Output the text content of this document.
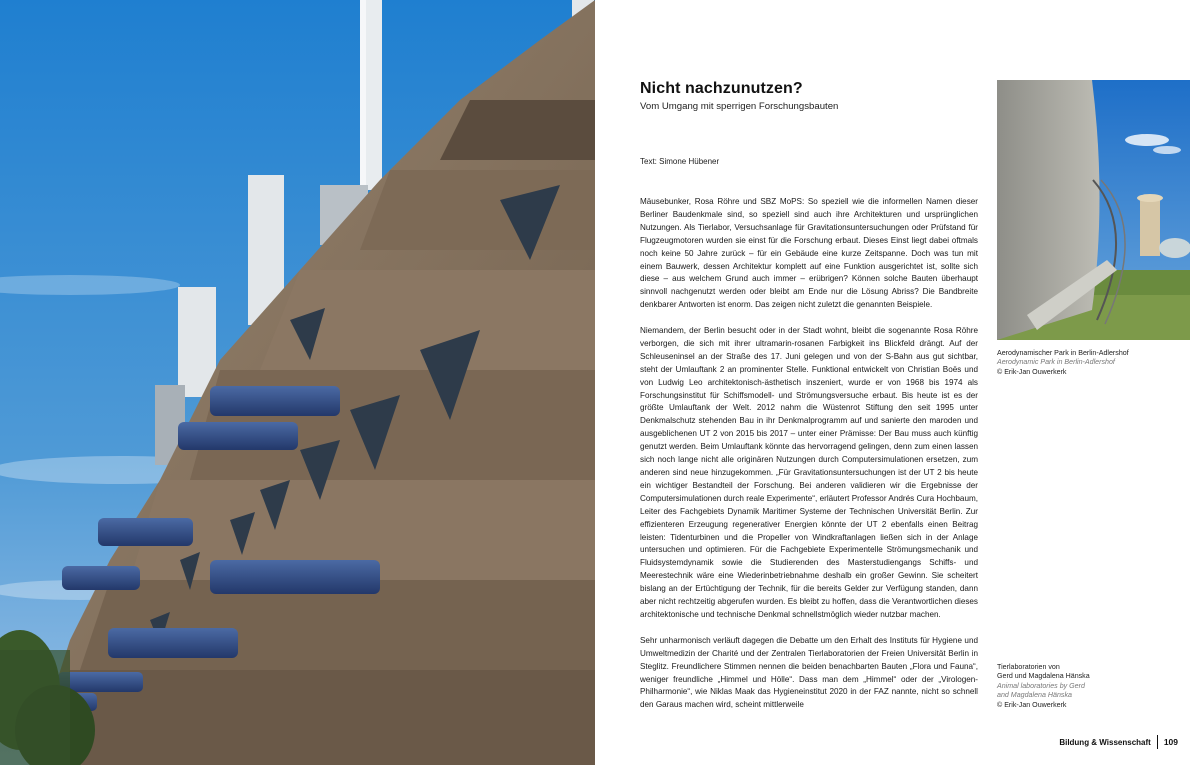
Nicht nachzunutzen?
Vom Umgang mit sperrigen Forschungsbauten
Text: Simone Hübener

Mäusebunker, Rosa Röhre und SBZ MoPS: So speziell wie die informellen Namen dieser Berliner Baudenkmale sind, so speziell sind auch ihre Architekturen und ursprünglichen Nutzungen. Als Tierlabor, Versuchsanlage für Gravitationsuntersuchungen oder Prüfstand für Flugzeugmotoren wurden sie einst für die Forschung erbaut. Dieses Einst liegt dabei oftmals noch keine 50 Jahre zurück – für ein Gebäude eine kurze Zeitspanne. Doch was tun mit einem Bauwerk, dessen Architektur komplett auf eine Funktion ausgerichtet ist, sollte sich diese – aus welchem Grund auch immer – erübrigen? Können solche Bauten überhaupt sinnvoll nachgenutzt werden oder bleibt am Ende nur die Lösung Abriss? Die Bandbreite denkbarer Antworten ist enorm. Das zeigen nicht zuletzt die genannten Beispiele.

Niemandem, der Berlin besucht oder in der Stadt wohnt, bleibt die sogenannte Rosa Röhre verborgen, die sich mit ihrer ultramarin-rosanen Farbigkeit ins Blickfeld drängt. Auf der Schleuseninsel an der Straße des 17. Juni gelegen und von der S-Bahn aus gut sichtbar, steht der Umlauftank 2 an prominenter Stelle. Funktional entwickelt von Christian Boës und von Ludwig Leo architektonisch-ästhetisch inszeniert, wurde er von 1968 bis 1974 als Forschungsinstitut für Schiffsmodell- und Strömungsversuche erbaut. Bis heute ist es der größte Umlauftank der Welt. 2012 nahm die Wüstenrot Stiftung den seit 1995 unter Denkmalschutz stehenden Bau in ihr Denkmalprogramm auf und sanierte den maroden und ausgeblichenen UT 2 von 2015 bis 2017 – unter einer Prämisse: Der Bau muss auch künftig genutzt werden. Beim Umlauftank könnte das hervorragend gelingen, denn zum einen lassen sich noch lange nicht alle originären Nutzungen durch Computersimulationen ersetzen, zum anderen sind neue hinzugekommen. „Für Gravitationsuntersuchungen ist der UT 2 bis heute ein wichtiger Bestandteil der Forschung. Bei anderen validieren wir die Ergebnisse der Computersimulationen durch reale Experimente“, erläutert Professor Andrés Cura Hochbaum, Leiter des Fachgebiets Dynamik Maritimer Systeme der Technischen Universität Berlin. Zur effizienteren Erzeugung regenerativer Energien könnte der UT 2 ebenfalls einen Beitrag leisten: Tidenturbinen und die Propeller von Windkraftanlagen ließen sich in der Anlage untersuchen und optimieren. Für die Fachgebiete Experimentelle Strömungsmechanik und Fluidsystemdynamik sowie die Studierenden des Masterstudiengangs Schiffs- und Meerestechnik wäre eine Wiederinbetriebnahme deshalb ein großer Gewinn. Sie scheitert bislang an der Ertüchtigung der Technik, für die bereits Gelder zur Verfügung standen, dann aber nicht rechtzeitig abgerufen wurden. Es bleibt zu hoffen, dass die Verantwortlichen dieses architektonische und technische Denkmal schnellstmöglich wieder nutzbar machen.

Sehr unharmonisch verläuft dagegen die Debatte um den Erhalt des Instituts für Hygiene und Umweltmedizin der Charité und der Zentralen Tierlaboratorien der Freien Universität Berlin in Steglitz. Freundlichere Stimmen nennen die beiden benachbarten Bauten „Flora und Fauna“, weniger freundliche „Himmel und Hölle“. Dass man dem „Himmel“ oder der „Virologen-Philharmonie“, wie Niklas Maak das Hygieneinstitut 2020 in der FAZ nannte, nicht so schnell den Garaus machen wird, scheint mittlerweile

Aerodynamischer Park in Berlin-Adlershof
Aerodynamic Park in Berlin-Adlershof
© Erik-Jan Ouwerkerk
Tierlaboratorien von
Gerd und Magdalena Hänska
Animal laboratories by Gerd
and Magdalena Hänska
© Erik-Jan Ouwerkerk
Bildung & Wissenschaft 109
